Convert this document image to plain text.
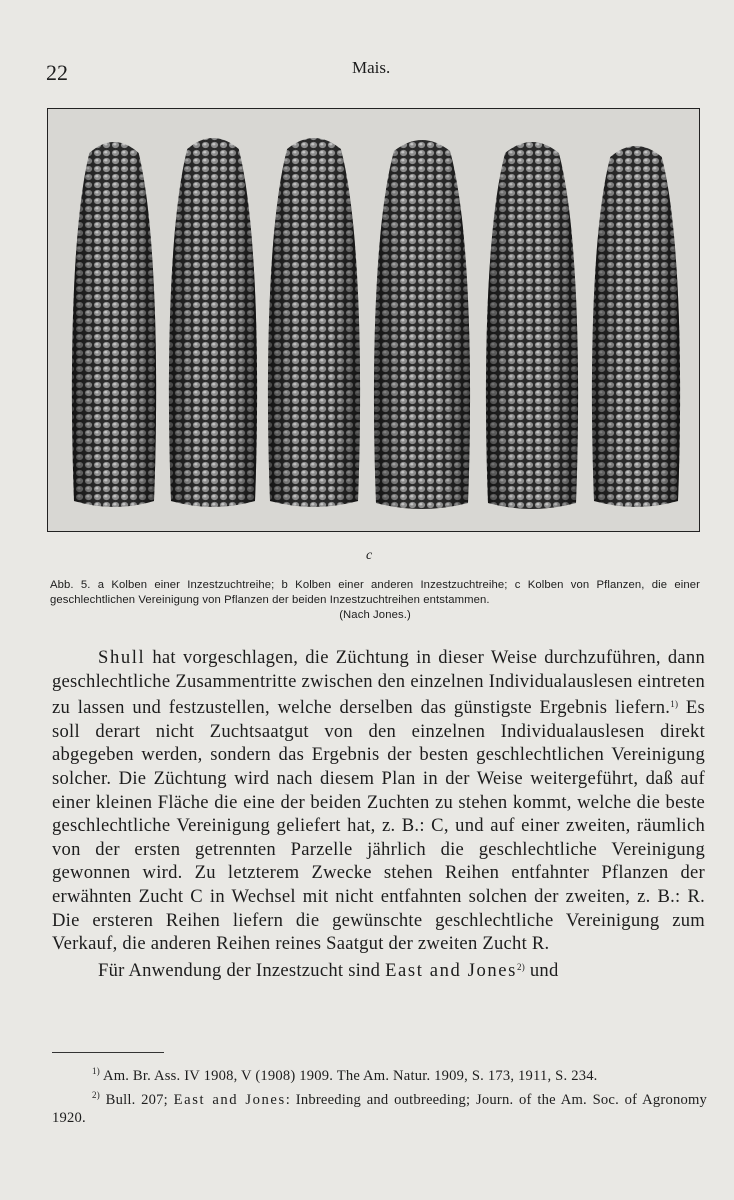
22	Mais.
c
Abb. 5. a Kolben einer Inzestzuchtreihe; b Kolben einer anderen Inzestzuchtreihe; c Kolben von Pflanzen, die einer geschlechtlichen Vereinigung von Pflanzen der beiden Inzestzuchtreihen entstammen.
(Nach Jones.)

Shull hat vorgeschlagen, die Züchtung in dieser Weise durchzuführen, dann geschlechtliche Zusammentritte zwischen den einzelnen Individualauslesen eintreten zu lassen und festzustellen, welche derselben das günstigste Ergebnis liefern.$^{1)}$ Es soll derart nicht Zuchtsaatgut von den einzelnen Individualauslesen direkt abgegeben werden, sondern das Ergebnis der besten geschlechtlichen Vereinigung solcher. Die Züchtung wird nach diesem Plan in der Weise weitergeführt, daß auf einer kleinen Fläche die eine der beiden Zuchten zu stehen kommt, welche die beste geschlechtliche Vereinigung geliefert hat, z. B.: C, und auf einer zweiten, räumlich von der ersten getrennten Parzelle jährlich die geschlechtliche Vereinigung gewonnen wird. Zu letzterem Zwecke stehen Reihen entfahnter Pflanzen der erwähnten Zucht C in Wechsel mit nicht entfahnten solchen der zweiten, z. B.: R. Die ersteren Reihen liefern die gewünschte geschlechtliche Vereinigung zum Verkauf, die anderen Reihen reines Saatgut der zweiten Zucht R.

Für Anwendung der Inzestzucht sind East and Jones$^{2)}$ und

$^{1)}$ Am. Br. Ass. IV 1908, V (1908) 1909. The Am. Natur. 1909, S. 173, 1911, S. 234.

$^{2)}$ Bull. 207; East and Jones: Inbreeding and outbreeding; Journ. of the Am. Soc. of Agronomy 1920.
